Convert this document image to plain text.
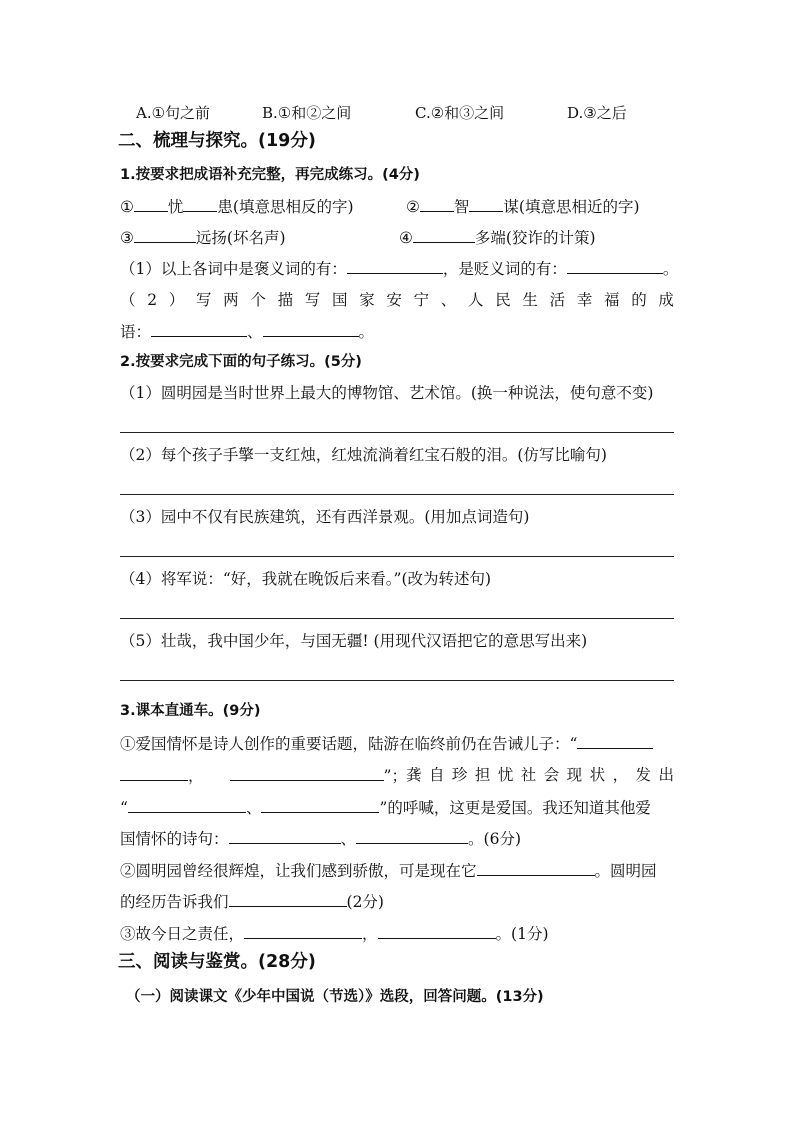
A.①句之前	B.①和②之间	C.②和③之间	D.③之后
二、梳理与探究。(19分)
1.按要求把成语补充完整，再完成练习。(4分)
① 忧 患(填意思相反的字)	② 智 谋(填意思相近的字)
③	远扬(坏名声)	④	多端(狡诈的计策)
（1）以上各词中是褒义词的有：	，是贬义词的有：	。
（ 2 ） 写 两 个 描 写 国 家 安 宁 、 人 民 生 活 幸 福 的 成
语：	、	。
2.按要求完成下面的句子练习。(5分)
（1）圆明园是当时世界上最大的博物馆、艺术馆。(换一种说法，使句意不变)
（2）每个孩子手擎一支红烛，红烛流淌着红宝石般的泪。(仿写比喻句)
（3）园中不仅有民族建筑，还有西洋景观。(用加点词造句)
（4）将军说：“好，我就在晚饭后来看。”(改为转述句)
（5）壮哉，我中国少年，与国无疆! (用现代汉语把它的意思写出来)
3.课本直通车。(9分)
①爱国情怀是诗人创作的重要话题，陆游在临终前仍在告诫儿子：“
，	”； 龚 自 珍 担 忧 社 会 现 状 ， 发 出
“	、	”的呼喊，这更是爱国。我还知道其他爱
国情怀的诗句：	、	。(6分)
②圆明园曾经很辉煌，让我们感到骄傲，可是现在它	。圆明园
的经历告诉我们	(2分)
③故今日之责任，	，	。(1分)
三、阅读与鉴赏。(28分)
（一）阅读课文《少年中国说（节选）》选段，回答问题。(13分)
